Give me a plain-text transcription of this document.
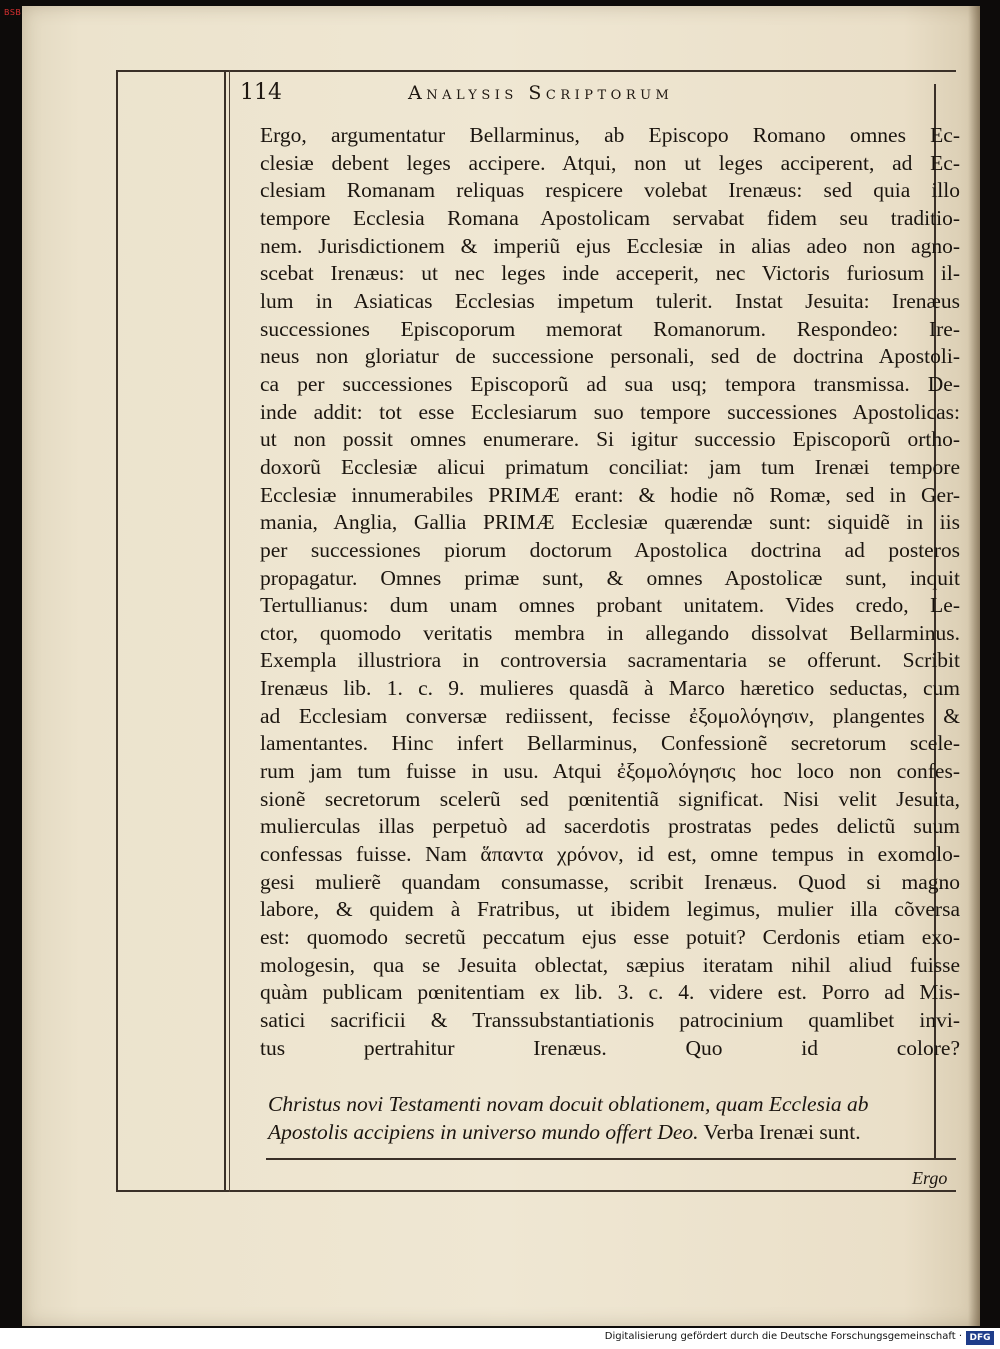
BSB
114	Analysis Scriptorum
Ergo, argumentatur Bellarminus, ab Episcopo Romano omnes Ec-
clesiæ debent leges accipere. Atqui, non ut leges acciperent, ad Ec-
clesiam Romanam reliquas respicere volebat Irenæus: sed quia illo
tempore Ecclesia Romana Apostolicam servabat fidem seu traditio-
nem. Jurisdictionem & imperiũ ejus Ecclesiæ in alias adeo non agno-
scebat Irenæus: ut nec leges inde acceperit, nec Victoris furiosum il-
lum in Asiaticas Ecclesias impetum tulerit. Instat Jesuita: Irenæus
successiones Episcoporum memorat Romanorum. Respondeo: Ire-
neus non gloriatur de successione personali, sed de doctrina Apostoli-
ca per successiones Episcoporũ ad sua usq; tempora transmissa. De-
inde addit: tot esse Ecclesiarum suo tempore successiones Apostolicas:
ut non possit omnes enumerare. Si igitur successio Episcoporũ ortho-
doxorũ Ecclesiæ alicui primatum conciliat: jam tum Irenæi tempore
Ecclesiæ innumerabiles PRIMÆ erant: & hodie nõ Romæ, sed in Ger-
mania, Anglia, Gallia PRIMÆ Ecclesiæ quærendæ sunt: siquidẽ in iis
per successiones piorum doctorum Apostolica doctrina ad posteros
propagatur. Omnes primæ sunt, & omnes Apostolicæ sunt, inquit
Tertullianus: dum unam omnes probant unitatem. Vides credo, Le-
ctor, quomodo veritatis membra in allegando dissolvat Bellarminus.
Exempla illustriora in controversia sacramentaria se offerunt. Scribit
Irenæus lib. 1. c. 9. mulieres quasdã à Marco hæretico seductas, cum
ad Ecclesiam conversæ rediissent, fecisse ἐξομολόγησιν, plangentes &
lamentantes. Hinc infert Bellarminus, Confessionẽ secretorum scele-
rum jam tum fuisse in usu. Atqui ἐξομολόγησις hoc loco non confes-
sionẽ secretorum scelerũ sed pœnitentiã significat. Nisi velit Jesuita,
mulierculas illas perpetuò ad sacerdotis prostratas pedes delictũ suum
confessas fuisse. Nam ἅπαντα χρόνον, id est, omne tempus in exomolo-
gesi mulierẽ quandam consumasse, scribit Irenæus. Quod si magno
labore, & quidem à Fratribus, ut ibidem legimus, mulier illa cõversa
est: quomodo secretũ peccatum ejus esse potuit? Cerdonis etiam exo-
mologesin, qua se Jesuita oblectat, sæpius iteratam nihil aliud fuisse
quàm publicam pœnitentiam ex lib. 3. c. 4. videre est. Porro ad Mis-
satici sacrificii & Transsubstantiationis patrocinium quamlibet invi-
tus pertrahitur Irenæus. Quo id colore?
Christus novi Testamenti novam docuit oblationem, quam Ecclesia ab
Apostolis accipiens in universo mundo offert Deo. Verba Irenæi sunt.
Ergo
Digitalisierung gefördert durch die Deutsche Forschungsgemeinschaft · DFG
